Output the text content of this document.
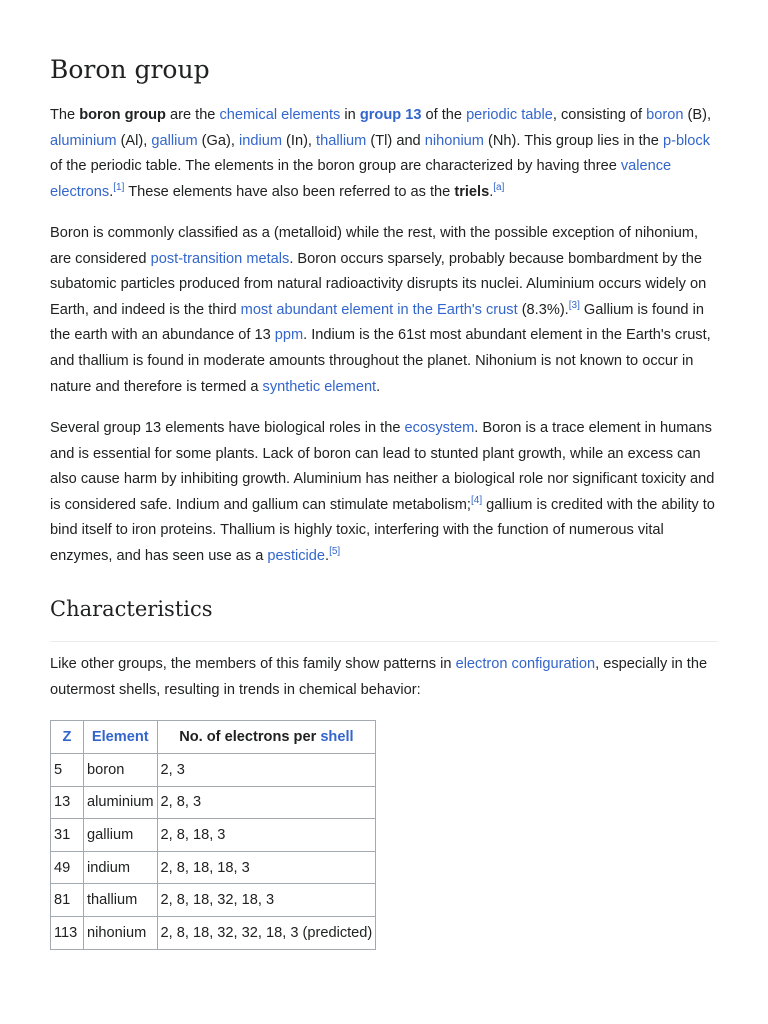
Boron group

The boron group are the chemical elements in group 13 of the periodic table, consisting of boron (B), aluminium (Al), gallium (Ga), indium (In), thallium (Tl) and nihonium (Nh). This group lies in the p-block of the periodic table. The elements in the boron group are characterized by having three valence electrons.[1] These elements have also been referred to as the triels.[a]

Boron is commonly classified as a (metalloid) while the rest, with the possible exception of nihonium, are considered post-transition metals. Boron occurs sparsely, probably because bombardment by the subatomic particles produced from natural radioactivity disrupts its nuclei. Aluminium occurs widely on Earth, and indeed is the third most abundant element in the Earth's crust (8.3%).[3] Gallium is found in the earth with an abundance of 13 ppm. Indium is the 61st most abundant element in the Earth's crust, and thallium is found in moderate amounts throughout the planet. Nihonium is not known to occur in nature and therefore is termed a synthetic element.

Several group 13 elements have biological roles in the ecosystem. Boron is a trace element in humans and is essential for some plants. Lack of boron can lead to stunted plant growth, while an excess can also cause harm by inhibiting growth. Aluminium has neither a biological role nor significant toxicity and is considered safe. Indium and gallium can stimulate metabolism;[4] gallium is credited with the ability to bind itself to iron proteins. Thallium is highly toxic, interfering with the function of numerous vital enzymes, and has seen use as a pesticide.[5]

Characteristics

Like other groups, the members of this family show patterns in electron configuration, especially in the outermost shells, resulting in trends in chemical behavior:

Z	Element	No. of electrons per shell
5	boron	2, 3
13	aluminium	2, 8, 3
31	gallium	2, 8, 18, 3
49	indium	2, 8, 18, 18, 3
81	thallium	2, 8, 18, 32, 18, 3
113	nihonium	2, 8, 18, 32, 32, 18, 3 (predicted)
